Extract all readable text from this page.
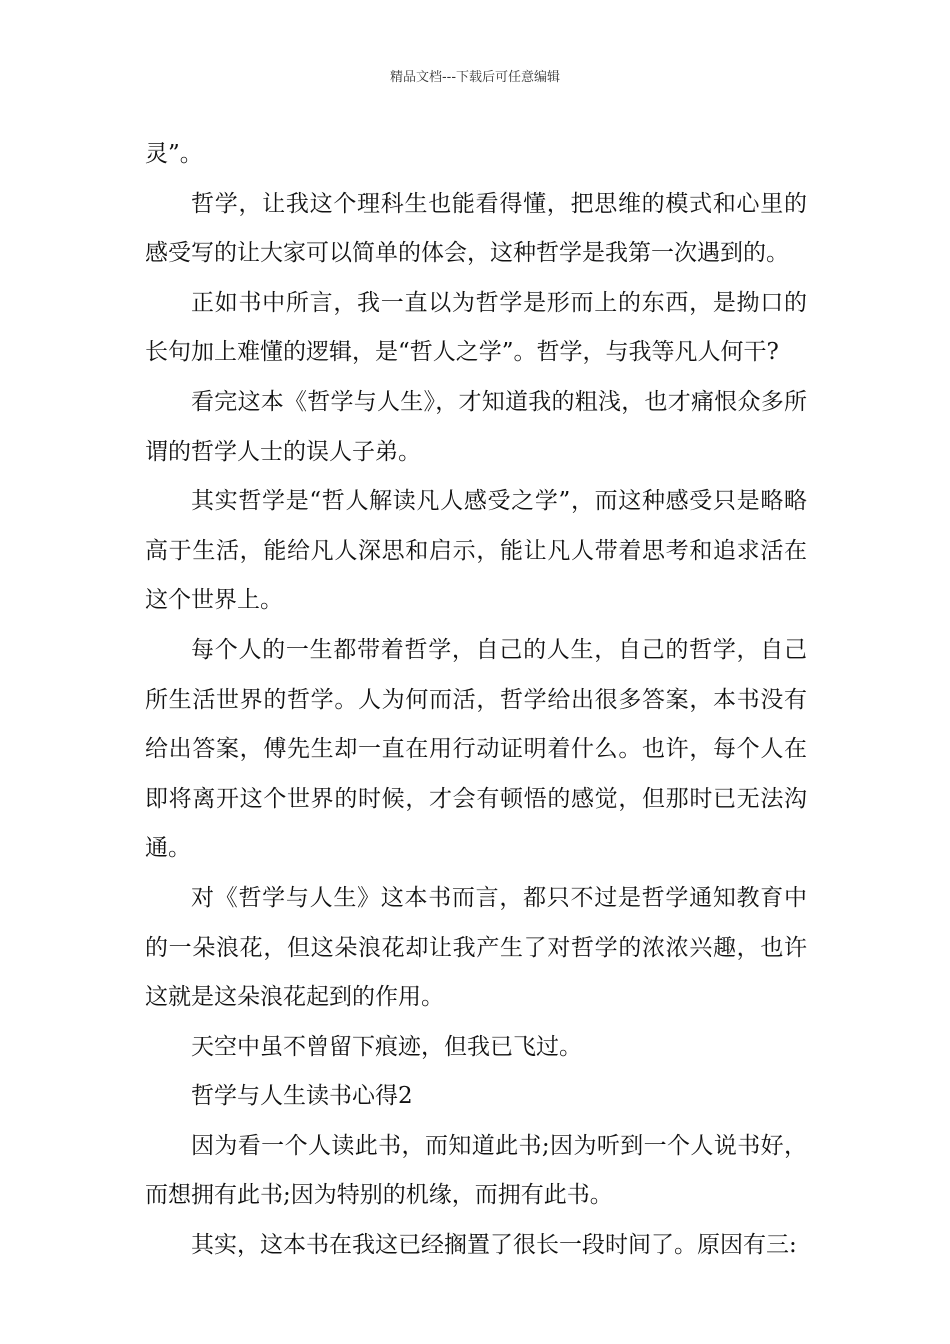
精品文档---下载后可任意编辑

灵”。

哲学，让我这个理科生也能看得懂，把思维的模式和心里的感受写的让大家可以简单的体会，这种哲学是我第一次遇到的。

正如书中所言，我一直以为哲学是形而上的东西，是拗口的长句加上难懂的逻辑，是“哲人之学”。哲学，与我等凡人何干?

看完这本《哲学与人生》，才知道我的粗浅，也才痛恨众多所谓的哲学人士的误人子弟。

其实哲学是“哲人解读凡人感受之学”，而这种感受只是略略高于生活，能给凡人深思和启示，能让凡人带着思考和追求活在这个世界上。

每个人的一生都带着哲学，自己的人生，自己的哲学，自己所生活世界的哲学。人为何而活，哲学给出很多答案，本书没有给出答案，傅先生却一直在用行动证明着什么。也许，每个人在即将离开这个世界的时候，才会有顿悟的感觉，但那时已无法沟通。

对《哲学与人生》这本书而言，都只不过是哲学通知教育中的一朵浪花，但这朵浪花却让我产生了对哲学的浓浓兴趣，也许这就是这朵浪花起到的作用。

天空中虽不曾留下痕迹，但我已飞过。

哲学与人生读书心得2

因为看一个人读此书，而知道此书;因为听到一个人说书好，而想拥有此书;因为特别的机缘，而拥有此书。

其实，这本书在我这已经搁置了很长一段时间了。原因有三:
